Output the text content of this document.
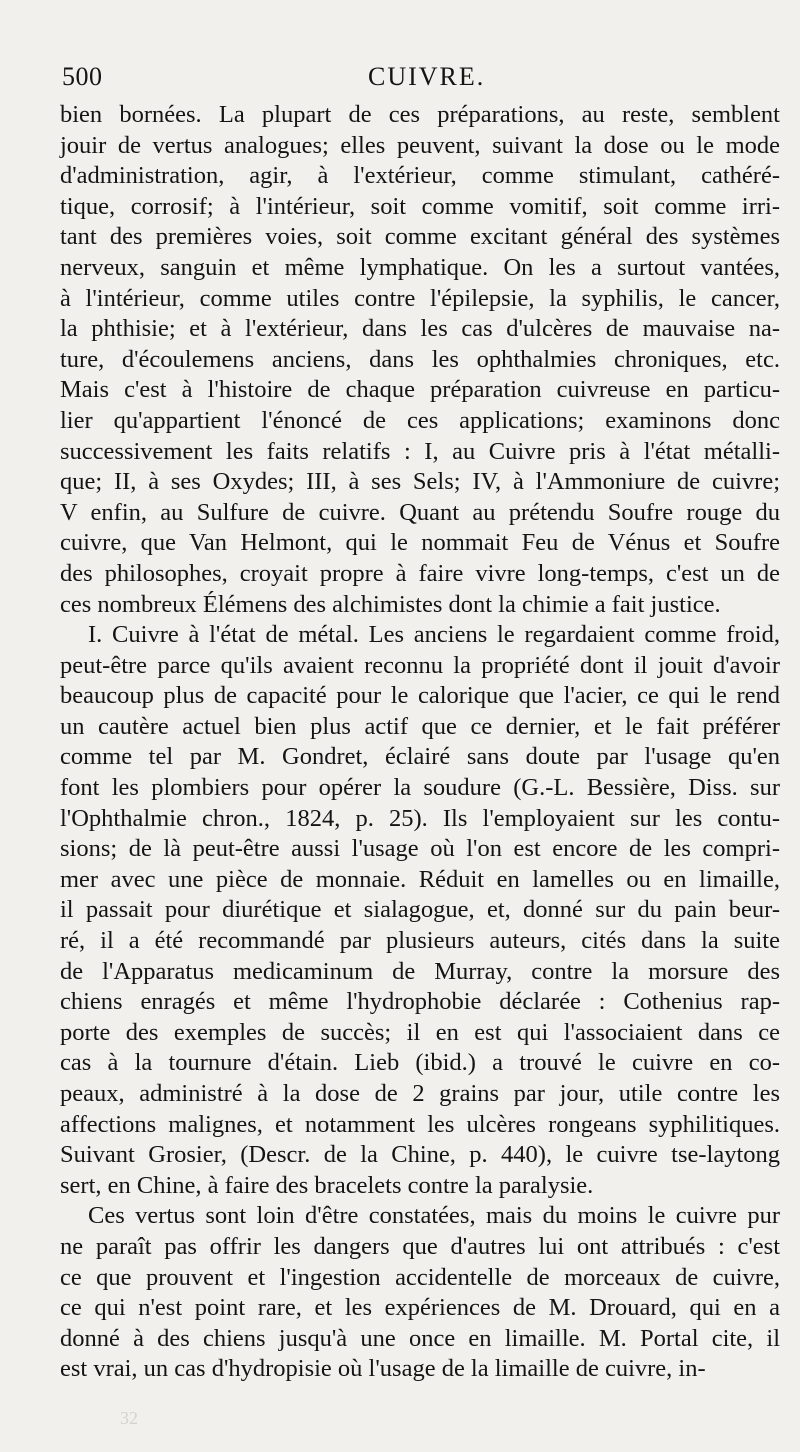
500	CUIVRE.
bien bornées. La plupart de ces préparations, au reste, semblent
jouir de vertus analogues; elles peuvent, suivant la dose ou le mode
d'administration, agir, à l'extérieur, comme stimulant, cathéré-
tique, corrosif; à l'intérieur, soit comme vomitif, soit comme irri-
tant des premières voies, soit comme excitant général des systèmes
nerveux, sanguin et même lymphatique. On les a surtout vantées,
à l'intérieur, comme utiles contre l'épilepsie, la syphilis, le cancer,
la phthisie; et à l'extérieur, dans les cas d'ulcères de mauvaise na-
ture, d'écoulemens anciens, dans les ophthalmies chroniques, etc.
Mais c'est à l'histoire de chaque préparation cuivreuse en particu-
lier qu'appartient l'énoncé de ces applications; examinons donc
successivement les faits relatifs : I, au Cuivre pris à l'état métalli-
que; II, à ses Oxydes; III, à ses Sels; IV, à l'Ammoniure de cuivre;
V enfin, au Sulfure de cuivre. Quant au prétendu Soufre rouge du
cuivre, que Van Helmont, qui le nommait Feu de Vénus et Soufre
des philosophes, croyait propre à faire vivre long-temps, c'est un de
ces nombreux Élémens des alchimistes dont la chimie a fait justice.
I. Cuivre à l'état de métal. Les anciens le regardaient comme froid,
peut-être parce qu'ils avaient reconnu la propriété dont il jouit d'avoir
beaucoup plus de capacité pour le calorique que l'acier, ce qui le rend
un cautère actuel bien plus actif que ce dernier, et le fait préférer
comme tel par M. Gondret, éclairé sans doute par l'usage qu'en
font les plombiers pour opérer la soudure (G.-L. Bessière, Diss. sur
l'Ophthalmie chron., 1824, p. 25). Ils l'employaient sur les contu-
sions; de là peut-être aussi l'usage où l'on est encore de les compri-
mer avec une pièce de monnaie. Réduit en lamelles ou en limaille,
il passait pour diurétique et sialagogue, et, donné sur du pain beur-
ré, il a été recommandé par plusieurs auteurs, cités dans la suite
de l'Apparatus medicaminum de Murray, contre la morsure des
chiens enragés et même l'hydrophobie déclarée : Cothenius rap-
porte des exemples de succès; il en est qui l'associaient dans ce
cas à la tournure d'étain. Lieb (ibid.) a trouvé le cuivre en co-
peaux, administré à la dose de 2 grains par jour, utile contre les
affections malignes, et notamment les ulcères rongeans syphilitiques.
Suivant Grosier, (Descr. de la Chine, p. 440), le cuivre tse-laytong
sert, en Chine, à faire des bracelets contre la paralysie.
Ces vertus sont loin d'être constatées, mais du moins le cuivre pur
ne paraît pas offrir les dangers que d'autres lui ont attribués : c'est
ce que prouvent et l'ingestion accidentelle de morceaux de cuivre,
ce qui n'est point rare, et les expériences de M. Drouard, qui en a
donné à des chiens jusqu'à une once en limaille. M. Portal cite, il
est vrai, un cas d'hydropisie où l'usage de la limaille de cuivre, in-
32
